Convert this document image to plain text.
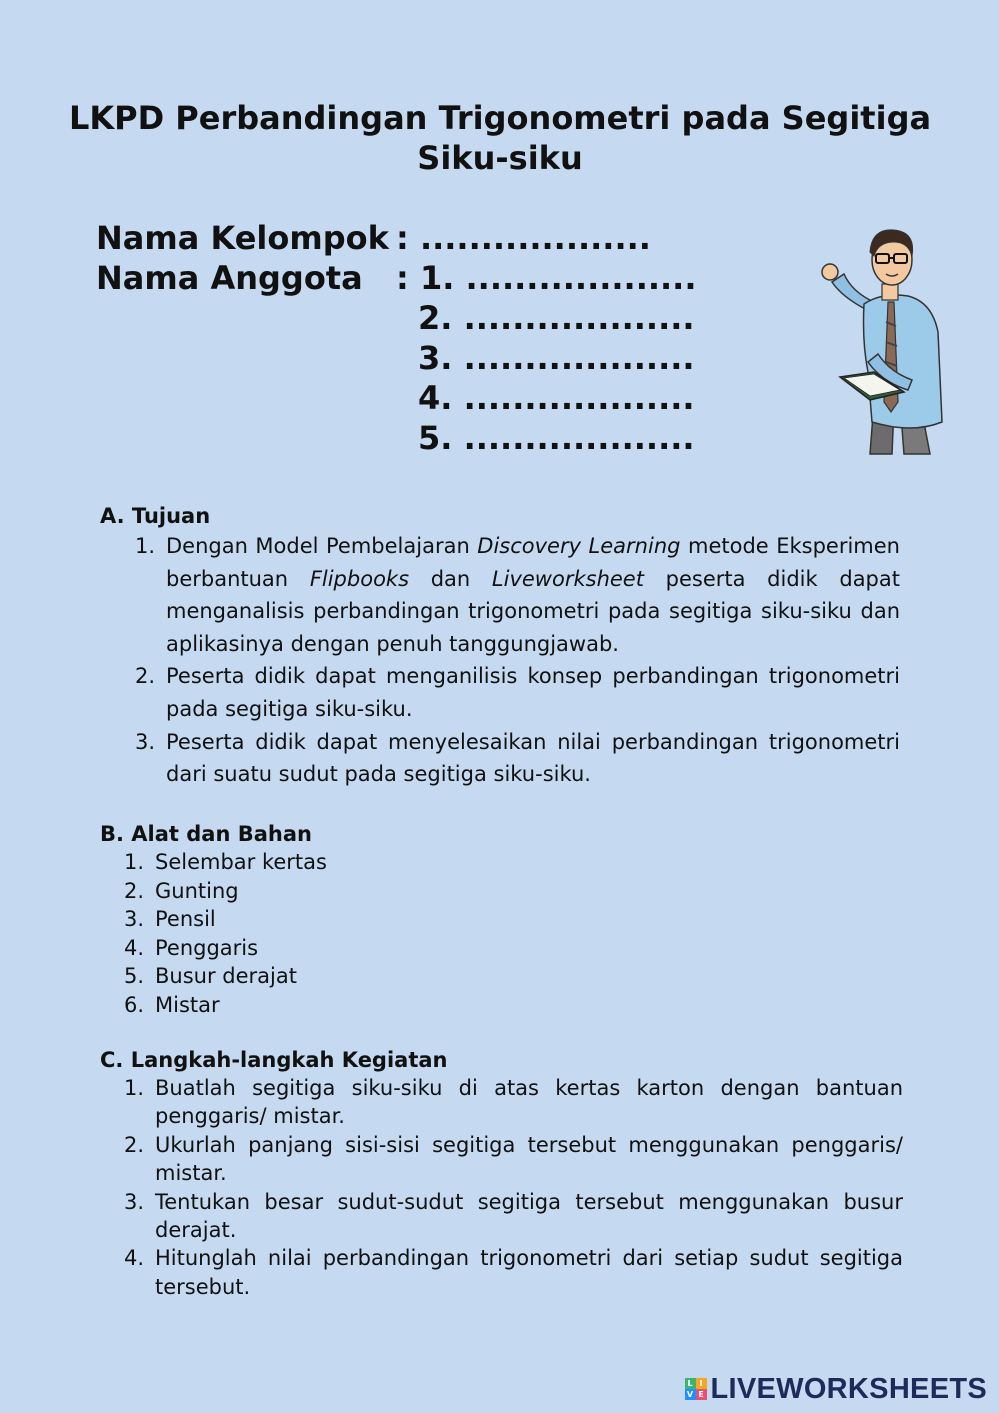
LKPD Perbandingan Trigonometri pada Segitiga Siku-siku
Nama Kelompok : ...................
Nama Anggota : 1. ...................
2. ...................
3. ...................
4. ...................
5. ...................
A. Tujuan
1. Dengan Model Pembelajaran Discovery Learning metode Eksperimen berbantuan Flipbooks dan Liveworksheet peserta didik dapat menganalisis perbandingan trigonometri pada segitiga siku-siku dan aplikasinya dengan penuh tanggungjawab.
2. Peserta didik dapat menganilisis konsep perbandingan trigonometri pada segitiga siku-siku.
3. Peserta didik dapat menyelesaikan nilai perbandingan trigonometri dari suatu sudut pada segitiga siku-siku.
B. Alat dan Bahan
1. Selembar kertas
2. Gunting
3. Pensil
4. Penggaris
5. Busur derajat
6. Mistar
C. Langkah-langkah Kegiatan
1. Buatlah segitiga siku-siku di atas kertas karton dengan bantuan penggaris/ mistar.
2. Ukurlah panjang sisi-sisi segitiga tersebut menggunakan penggaris/ mistar.
3. Tentukan besar sudut-sudut segitiga tersebut menggunakan busur derajat.
4. Hitunglah nilai perbandingan trigonometri dari setiap sudut segitiga tersebut.
L I
V E LIVEWORKSHEETS
